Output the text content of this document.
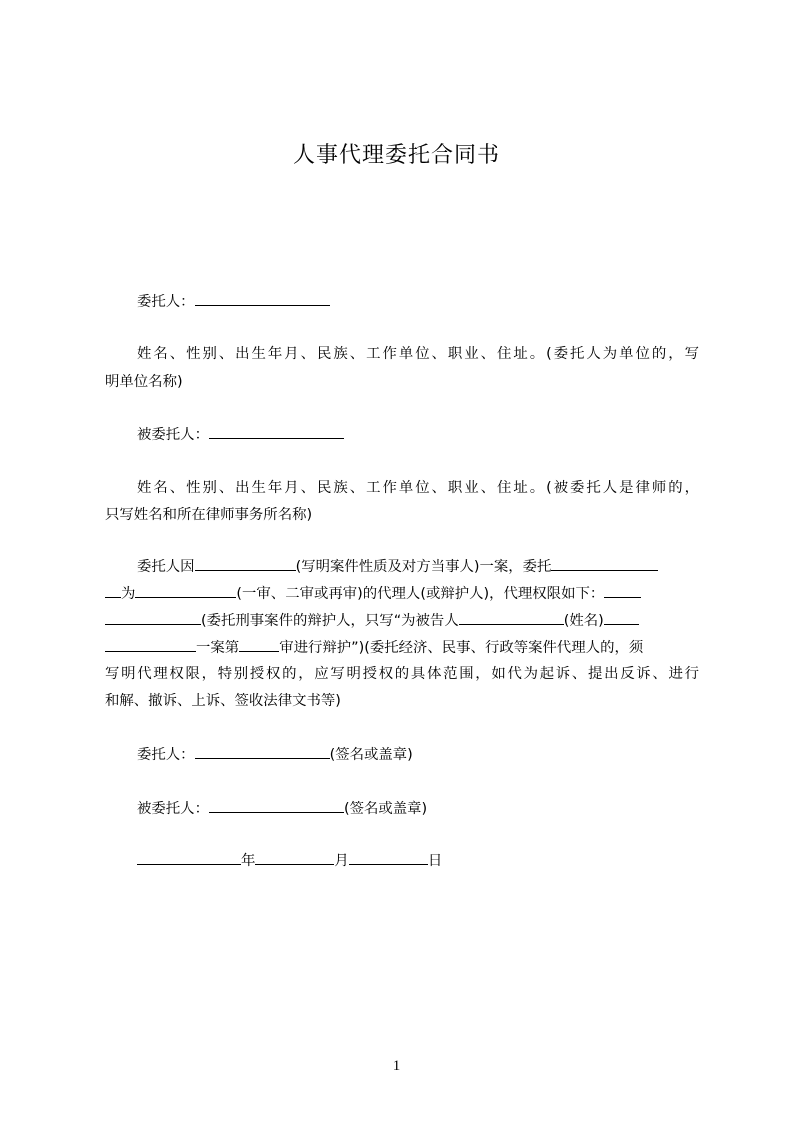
人事代理委托合同书
委托人：
姓名、性别、出生年月、民族、工作单位、职业、住址。(委托人为单位的，写
明单位名称)
被委托人：
姓名、性别、出生年月、民族、工作单位、职业、住址。(被委托人是律师的，
只写姓名和所在律师事务所名称)
委托人因	(写明案件性质及对方当事人)一案，委托
为	(一审、二审或再审)的代理人(或辩护人)，代理权限如下：
(委托刑事案件的辩护人，只写“为被告人	(姓名)
一案第	审进行辩护”)(委托经济、民事、行政等案件代理人的，须
写明代理权限，特别授权的，应写明授权的具体范围，如代为起诉、提出反诉、进行
和解、撤诉、上诉、签收法律文书等)
委托人：	(签名或盖章)
被委托人：	(签名或盖章)
年	月	日
1
